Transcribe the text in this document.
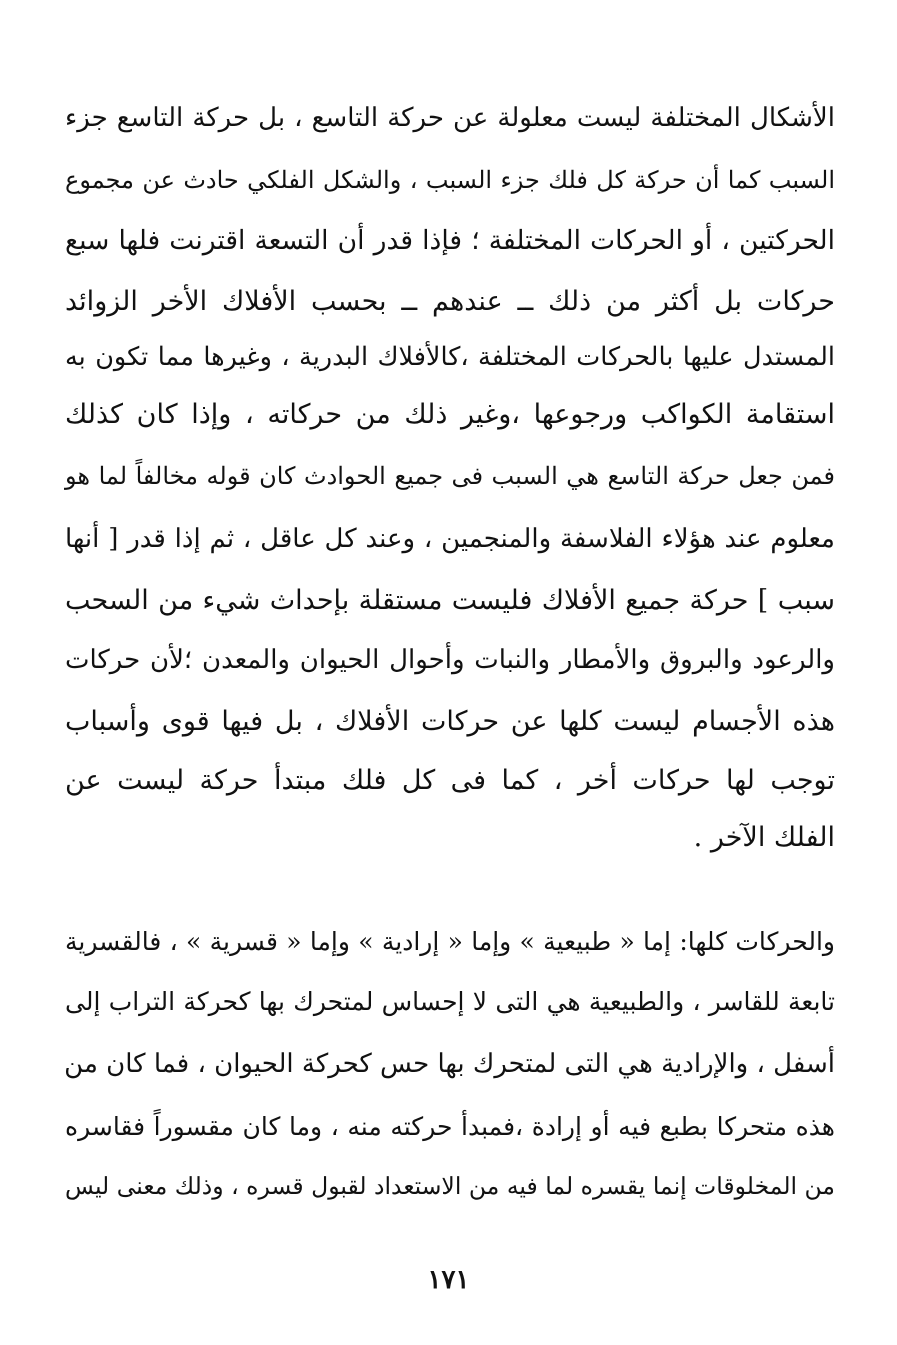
الأشكال المختلفة ليست معلولة عن حركة التاسع ، بل حركة التاسع جزء
السبب كما أن حركة كل فلك جزء السبب ، والشكل الفلكي حادث عن مجموع
الحركتين ، أو الحركات المختلفة ؛ فإذا قدر أن التسعة اقترنت فلها سبع
حركات بل أكثر من ذلك ــ عندهم ــ بحسب الأفلاك الأخر الزوائد
المستدل عليها بالحركات المختلفة ،كالأفلاك البدرية ، وغيرها مما تكون به
استقامة الكواكب ورجوعها ،وغير ذلك من حركاته ، وإذا كان كذلك
فمن جعل حركة التاسع هي السبب فى جميع الحوادث كان قوله مخالفاً لما هو
معلوم عند هؤلاء الفلاسفة والمنجمين ، وعند كل عاقل ، ثم إذا قدر [ أنها
سبب ] حركة جميع الأفلاك فليست مستقلة بإحداث شيء من السحب
والرعود والبروق والأمطار والنبات وأحوال الحيوان والمعدن ؛لأن حركات
هذه الأجسام ليست كلها عن حركات الأفلاك ، بل فيها قوى وأسباب
توجب لها حركات أخر ، كما فى كل فلك مبتدأ حركة ليست عن
الفلك الآخر .
والحركات كلها: إما « طبيعية » وإما « إرادية » وإما « قسرية » ، فالقسرية
تابعة للقاسر ، والطبيعية هي التى لا إحساس لمتحرك بها كحركة التراب إلى
أسفل ، والإرادية هي التى لمتحرك بها حس كحركة الحيوان ، فما كان من
هذه متحركا بطبع فيه أو إرادة ،فمبدأ حركته منه ، وما كان مقسوراً فقاسره
من المخلوقات إنما يقسره لما فيه من الاستعداد لقبول قسره ، وذلك معنى ليس
١٧١
